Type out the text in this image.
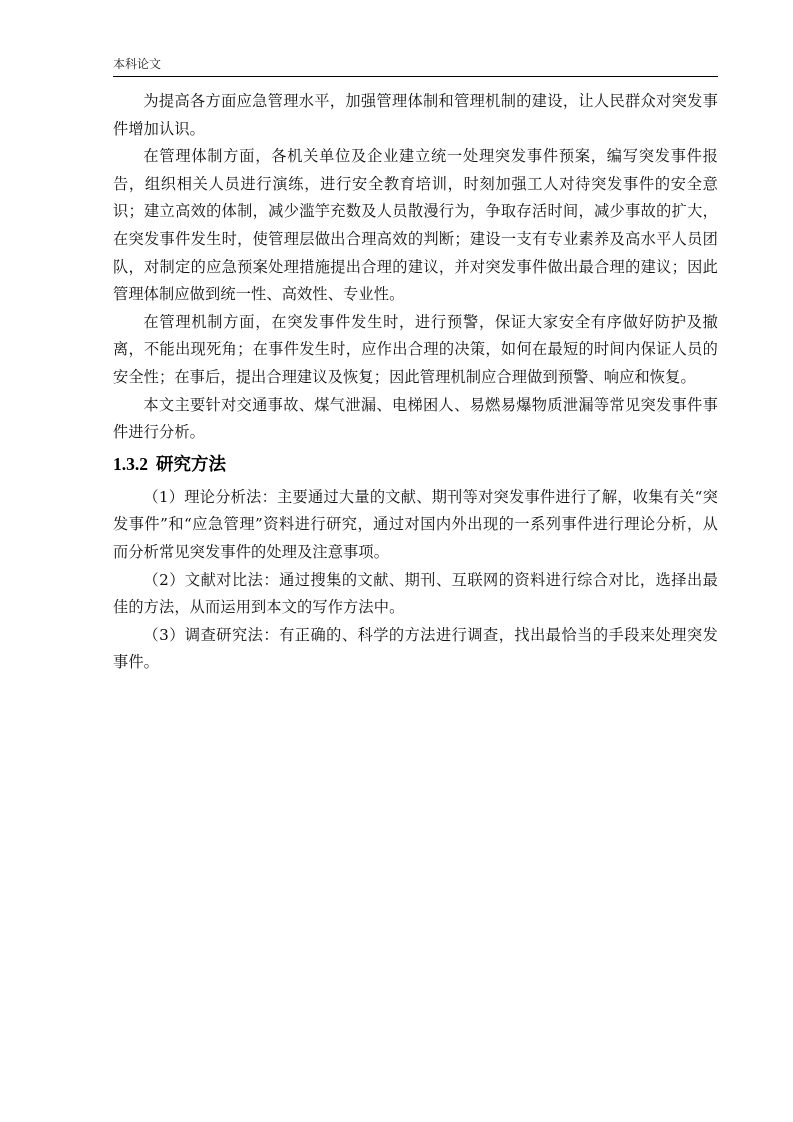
本科论文

为提高各方面应急管理水平，加强管理体制和管理机制的建设，让人民群众对突发事件增加认识。

在管理体制方面，各机关单位及企业建立统一处理突发事件预案，编写突发事件报告，组织相关人员进行演练，进行安全教育培训，时刻加强工人对待突发事件的安全意识；建立高效的体制，减少滥竽充数及人员散漫行为，争取存活时间，减少事故的扩大，在突发事件发生时，使管理层做出合理高效的判断；建设一支有专业素养及高水平人员团队，对制定的应急预案处理措施提出合理的建议，并对突发事件做出最合理的建议；因此管理体制应做到统一性、高效性、专业性。

在管理机制方面，在突发事件发生时，进行预警，保证大家安全有序做好防护及撤离，不能出现死角；在事件发生时，应作出合理的决策，如何在最短的时间内保证人员的安全性；在事后，提出合理建议及恢复；因此管理机制应合理做到预警、响应和恢复。

本文主要针对交通事故、煤气泄漏、电梯困人、易燃易爆物质泄漏等常见突发事件事件进行分析。

1.3.2 研究方法

（1）理论分析法：主要通过大量的文献、期刊等对突发事件进行了解，收集有关“突发事件”和“应急管理”资料进行研究，通过对国内外出现的一系列事件进行理论分析，从而分析常见突发事件的处理及注意事项。

（2）文献对比法：通过搜集的文献、期刊、互联网的资料进行综合对比，选择出最佳的方法，从而运用到本文的写作方法中。

（3）调查研究法：有正确的、科学的方法进行调查，找出最恰当的手段来处理突发事件。
